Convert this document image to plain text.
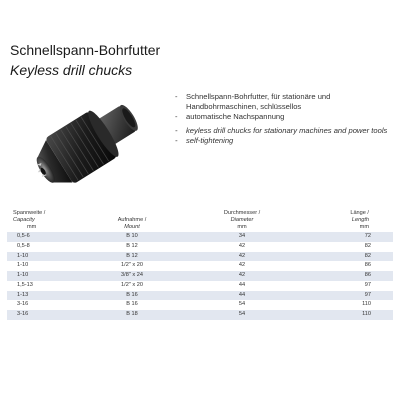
Schnellspann-Bohrfutter
Keyless drill chucks
- Schnellspann-Bohrfutter, für stationäre und Handbohrmaschinen, schlüssellos
- automatische Nachspannung
- keyless drill chucks for stationary machines and power tools
- self-tightening
Spannweite /
Capacity
mm	Aufnahme /
Mount	Durchmesser /
Diameter
mm	Länge /
Length
mm
0,5-6	B 10	34	72
0,5-8	B 12	42	82
1-10	B 12	42	82
1-10	1/2" x 20	42	86
1-10	3/8" x 24	42	86
1,5-13	1/2" x 20	44	97
1-13	B 16	44	97
3-16	B 16	54	110
3-16	B 18	54	110
